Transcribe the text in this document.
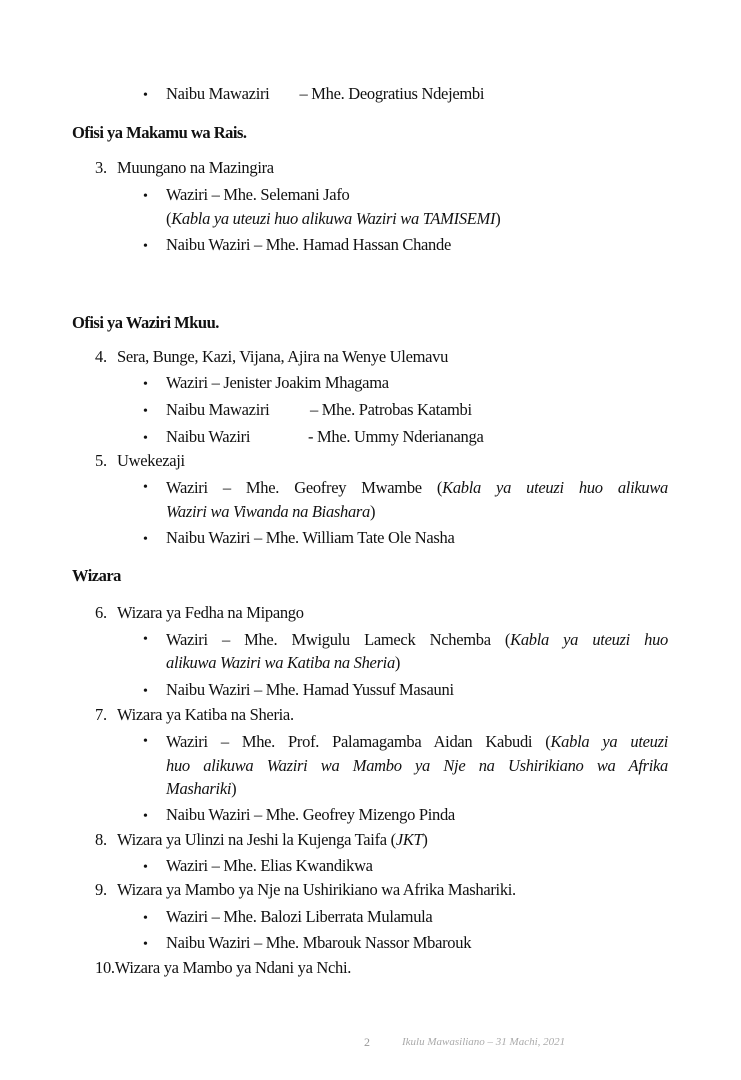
• Naibu Mawaziri – Mhe. Deogratius Ndejembi
Ofisi ya Makamu wa Rais.
3. Muungano na Mazingira
• Waziri – Mhe. Selemani Jafo
(Kabla ya uteuzi huo alikuwa Waziri wa TAMISEMI)
• Naibu Waziri – Mhe. Hamad Hassan Chande
Ofisi ya Waziri Mkuu.
4. Sera, Bunge, Kazi, Vijana, Ajira na Wenye Ulemavu
• Waziri – Jenister Joakim Mhagama
• Naibu Mawaziri – Mhe. Patrobas Katambi
• Naibu Waziri	- Mhe. Ummy Nderiananga
5. Uwekezaji
• Waziri – Mhe. Geofrey Mwambe (Kabla ya uteuzi huo alikuwa
Waziri wa Viwanda na Biashara)
• Naibu Waziri – Mhe. William Tate Ole Nasha
Wizara
6. Wizara ya Fedha na Mipango
• Waziri – Mhe. Mwigulu Lameck Nchemba (Kabla ya uteuzi huo
alikuwa Waziri wa Katiba na Sheria)
• Naibu Waziri – Mhe. Hamad Yussuf Masauni
7. Wizara ya Katiba na Sheria.
• Waziri – Mhe. Prof. Palamagamba Aidan Kabudi (Kabla ya uteuzi
huo alikuwa Waziri wa Mambo ya Nje na Ushirikiano wa Afrika
Mashariki)
• Naibu Waziri – Mhe. Geofrey Mizengo Pinda
8. Wizara ya Ulinzi na Jeshi la Kujenga Taifa (JKT)
• Waziri – Mhe. Elias Kwandikwa
9. Wizara ya Mambo ya Nje na Ushirikiano wa Afrika Mashariki.
• Waziri – Mhe. Balozi Liberrata Mulamula
• Naibu Waziri – Mhe. Mbarouk Nassor Mbarouk
10.Wizara ya Mambo ya Ndani ya Nchi.
2	Ikulu Mawasiliano – 31 Machi, 2021
